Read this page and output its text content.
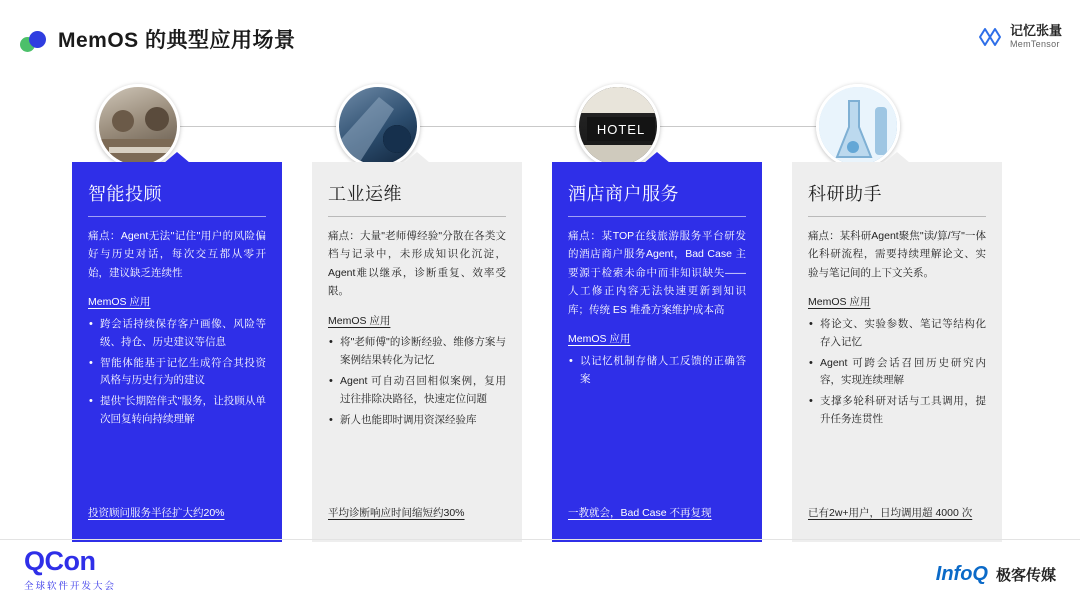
MemOS 的典型应用场景	记忆张量
MemTensor
HOTEL
智能投顾
痛点：Agent无法"记住"用户的风险偏好与历史对话，每次交互都从零开始，建议缺乏连续性
MemOS 应用
• 跨会话持续保存客户画像、风险等级、持仓、历史建议等信息
• 智能体能基于记忆生成符合其投资风格与历史行为的建议
• 提供"长期陪伴式"服务，让投顾从单次回复转向持续理解
投资顾问服务半径扩大约20%
工业运维
痛点：大量"老师傅经验"分散在各类文档与记录中，未形成知识化沉淀，Agent难以继承，诊断重复、效率受限。
MemOS 应用
• 将"老师傅"的诊断经验、维修方案与案例结果转化为记忆
• Agent 可自动召回相似案例，复用过往排除决路径，快速定位问题
• 新人也能即时调用资深经验库
平均诊断响应时间缩短约30%
酒店商户服务
痛点：某TOP在线旅游服务平台研发的酒店商户服务Agent，Bad Case 主要源于检索未命中而非知识缺失——人工修正内容无法快速更新到知识库；传统 ES 堆叠方案维护成本高
MemOS 应用
• 以记忆机制存储人工反馈的正确答案
一教就会，Bad Case 不再复现
科研助手
痛点：某科研Agent聚焦"读/算/写"一体化科研流程，需要持续理解论文、实验与笔记间的上下文关系。
MemOS 应用
• 将论文、实验参数、笔记等结构化存入记忆
• Agent 可跨会话召回历史研究内容，实现连续理解
• 支撑多轮科研对话与工具调用，提升任务连贯性
已有2w+用户，日均调用超 4000 次
QCon
全球软件开发大会
InfoQ 极客传媒
